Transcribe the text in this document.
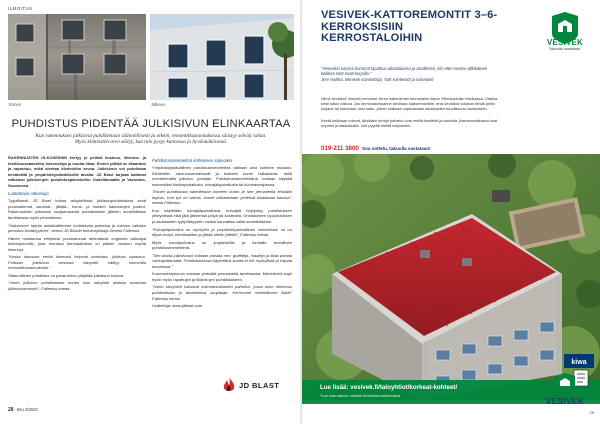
ILMOITUS
Ennen	Jälkeen
PUHDISTUS PIDENTÄÄ JULKISIVUN ELINKAARTAA
Kun rakennuksen julkisivut puhdistetaan säännöllisesti ja oikein, remonttikustannuksissa säästyy selvää rahaa. Myös kiinteistön arvo säilyy, kun talo pysyy kunnossa ja hyvännäköisenä.

RAKENNUSTEN ULKOSEINIIN kertyy jo pelkkä kosteus, liikenne- ja teollisuussaasteita, kasvustoja ja muuta likaa. Ennen pitkää se likaantuu ja rapautuu, mikä alentaa kiinteistön arvoa. Julkisivun voi puhdistaa kestävällä ja ympäristöystävällisellä tavalla. JD Blast tarjoaa kattavat ratkaisut julkisivujen puhdistuspalveluihin Uudellamaalla ja Varsinais-Suomessa.

Luotettavia ratkaisuja

Tyypillisesti JD Blast hoitaa taloyhtiöissä julkisivupuhdistuksia sekä puuosiammat, sammal-, jäkälä-, home- ja muiden kasvustojen poistot. Rakennuksen julkisivun suojaamisesta puhdistuksen jälkeen huolehditaan tarvittaessa myös pinnoituksin.

”Haluamme tarjota asiakkaillemme luotettavaa palvelua ja toimiva ratkaisu perustuu kestävyyteen”, kertoo JD Blastin toimitusjohtaja Dennis Fallenius.

Hänen mukaansa erityisesti puuosammat aiheuttavat ongelmia vaikkapa betonipinnoille, joita monissa kerrostaloissa on pitkien vuosien myötä ilmennyt.

”Koska kasvusto kerää itseensä helposti kosteutta, julkisivu rapautuu. Puhtaan julkisivun ansiosta taloyhtiö välttyy isommilta remonttikustannuksilta.”

Säännöllinen puhdistus on paras keino ylläpitää julkisivun kuntoa.

”Usein julkisivu puhdistetaan ennen kuin taloyhtiö aloittaa isomman julkisivuremontin”, Fallenius toteaa.

Puhdistusmenetelmä kohteesen sopivaksi

Ympäristöystävällinen puhdistusmenetelmä valitaan aina kohteen mukaan. Kiinteistön rakennusmateriaalit ja kohteen kunto ratkaisevat, millä menetelmällä julkisivu pestään. Puhdistusmenetelmänä voidaan käyttää esimerkiksi hiekkapuhallusta, kuivajääpuhallusta tai kuumavesipesua.

”Ennen puhdistusta kartoitetaan kohteen kunto ja sen perusteella tehdään tarjous. Kun työ on valmis, kohde tarkastetaan yhdessä asiakkaan kanssa”, toteaa Fallenius.

Kun käytetään kuivajääpuhallusta, kuivajää höyrystyy puhdistuksen yhteydessä eikä jätä jälkeensä pölyä tai kosteutta. Onnistuneen lopputuloksen ja asukkaiden tyytyväisyyden vuoksi kannattaa valita ammattilainen.

”Kuivajääpuhallus on myrkytön ja ympäristöystävällinen menetelmä: se on täysin kuiva, kemikaaliton ja jättää vähän jätettä”, Fallenius toteaa.

Myös soodapuhallus on ympäristölle ja ihmisille turvallinen puhdistusmenetelmä.

”Sen avulla julkisivusta voidaan poistaa mm. graffiteja, maaleja ja likaa pinnaa vahingoittamatta. Puhdistuksessa käytettävä sooda ei ole myrkyllistä ja hajoaa luonnossa.”

Kuumavesipesuun voidaan yhdistää pesuaineita tarvittaessa. Menetelmä sopii hyvin myös rapattujen ja tiilipintojen puhdistukseen.

”Usein taloyhtiöt haluavat kokonaisvaltaisen palvelun, jossa koko rakennus puhdistetaan ja tarvittaessa suojataan. Kerromme mielellämme lisää!” Fallenius kertoo.

Lisätietoja: www.jdblast.com

JD BLAST
28 Kito 2/2022
VESIVEK-KATTOREMONTIT 3–6-KERROKSISIIN KERROSTALOIHIN	VESIVEK
Takuulla vastataan.
”Vesivekin kanssa hommat tapahtuu aikataulussa ja asiallisesti, niin ettei tarvitse jälkikäteen kaikkea niitä enää korjailla.”
Jere Haikka, teknisen isännöitsijä, T&K Kiinteistöt ja isännöinti
Viime keväänä Vesivek remontoi Jeren isännöimän kerrostalon katon Villenkaduilla Hanikassa. Urakka kesti kaksi viikkoa. Jos kerrostaloissanne tarvitaan kattoremontille, ensi keväänä voidaan tehdä pellin korjaus tai kokonaan uusi katto, jolloin urakkaa nopeutetaan asukkaiden turvallisuus huomioiden.
Kevät kelkkaan tulevat, tähdäten tehdyt palvelut ovat meillä kestäviä ja kauniita. Asennusratkaisut ovat nopeita ja laadukkaita. Voit pyytää meiltä tarjouksen.
019-211 3800 Soa sottelu, takuulla vastataan!
Lue lisää: vesivek.fi/taloyhtiot/korkeat-kohteet/
*Lue koko tarina: vesivek.fi/vesivek-kokemuksia
kiwa
VESIVEK
29
